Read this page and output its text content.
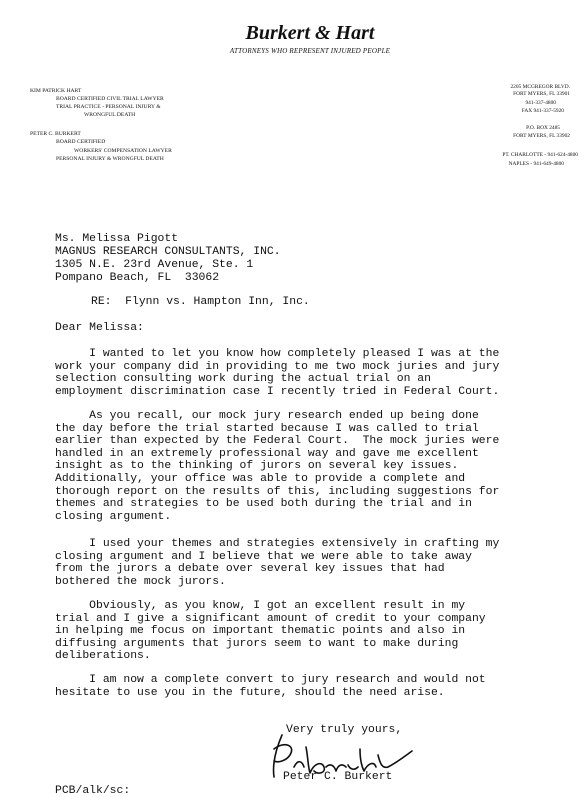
Burkert & Hart
ATTORNEYS WHO REPRESENT INJURED PEOPLE
KIM PATRICK HART
BOARD CERTIFIED CIVIL TRIAL LAWYER
TRIAL PRACTICE - PERSONAL INJURY &
WRONGFUL DEATH
PETER C. BURKERT
BOARD CERTIFIED
WORKERS' COMPENSATION LAWYER
PERSONAL INJURY & WRONGFUL DEATH
2205 MCGREGOR BLVD.
FORT MYERS, FL 33901
941-337-4800
FAX 941-337-5920
P.O. BOX 2485
FORT MYERS, FL 33902
PT. CHARLOTTE - 941-624-4800
NAPLES - 941-649-4800
Ms. Melissa Pigott
MAGNUS RESEARCH CONSULTANTS, INC.
1305 N.E. 23rd Avenue, Ste. 1
Pompano Beach, FL  33062
RE:  Flynn vs. Hampton Inn, Inc.
Dear Melissa:
I wanted to let you know how completely pleased I was at the
work your company did in providing to me two mock juries and jury
selection consulting work during the actual trial on an
employment discrimination case I recently tried in Federal Court.
As you recall, our mock jury research ended up being done
the day before the trial started because I was called to trial
earlier than expected by the Federal Court.  The mock juries were
handled in an extremely professional way and gave me excellent
insight as to the thinking of jurors on several key issues.
Additionally, your office was able to provide a complete and
thorough report on the results of this, including suggestions for
themes and strategies to be used both during the trial and in
closing argument.
I used your themes and strategies extensively in crafting my
closing argument and I believe that we were able to take away
from the jurors a debate over several key issues that had
bothered the mock jurors.
Obviously, as you know, I got an excellent result in my
trial and I give a significant amount of credit to your company
in helping me focus on important thematic points and also in
diffusing arguments that jurors seem to want to make during
deliberations.
I am now a complete convert to jury research and would not
hesitate to use you in the future, should the need arise.
Very truly yours,
Peter C. Burkert
PCB/alk/sc:
